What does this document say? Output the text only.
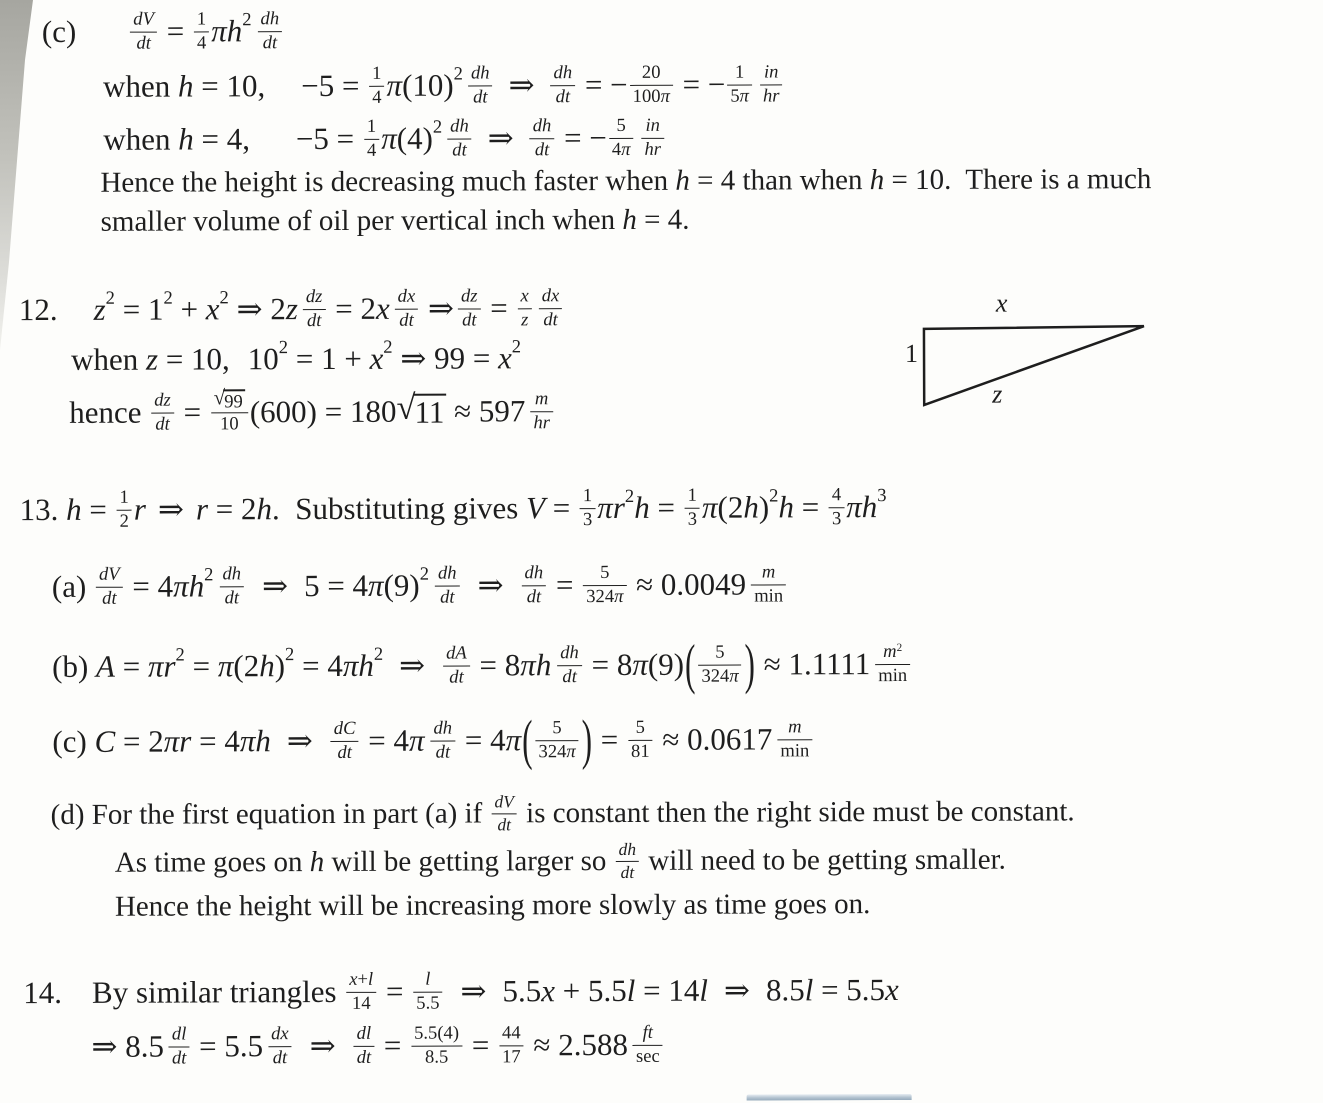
x
1
z
(c)	$\frac{dV}{dt} = \frac{1}{4}$ πh $2 \frac{dh}{dt}$
when h = 10, $-5 = \frac{1}{4}$ π (10) $2 \frac{dh}{dt}$ ⇒ $\frac{dh}{dt}$ = − $\frac{20}{100\pi}$ = − $\frac{1}{5\pi} \frac{in}{hr}$
when h = 4, $-5 = \frac{1}{4}$ π (4) $2 \frac{dh}{dt}$ ⇒ $\frac{dh}{dt}$ = − $\frac{5}{4\pi} \frac{in}{hr}$
Hence the height is decreasing much faster when h = 4 than when h = 10.  There is a much
smaller volume of oil per vertical inch when h = 4.
12. z 2 = 1 2 + x 2 ⇒ 2 z $\frac{dz}{dt} = 2$ x $\frac{dx}{dt}$ ⇒ $\frac{dz}{dt} = \frac{x}{z} \frac{dx}{dt}$
when z = 10, 10 2 = 1 + x 2 ⇒ 99 = x 2
hence $\frac{dz}{dt}$ = √
99
10 (600) = 180 √
$11 \approx 597 \frac{m}{hr}$
13. $h = \frac{1}{2}$ r ⇒ r = 2 h .  Substituting gives $V = \frac{1}{3}$ πr 2 $h = \frac{1}{3}$ π (2 h ) 2 $h = \frac{4}{3}$ πh 3
$(a) \frac{dV}{dt} = 4$ πh $2 \frac{dh}{dt}$ ⇒ 5 = 4 π (9) $2 \frac{dh}{dt}$ ⇒ $\frac{dh}{dt} = \frac{5}{324\pi} \approx 0.0049 \frac{m}{\min}$
(b) A = πr 2 = π (2 h ) 2 = 4 πh 2 ⇒ $\frac{dA}{dt} = 8$ πh $\frac{dh}{dt} = 8$ π (9) ( $\frac{5}{324\pi}$ ) ≈ $1.1111 \frac{m^2}{\min}$
(c) C = 2 πr = 4 πh ⇒ $\frac{dC}{dt} = 4$ π $\frac{dh}{dt} = 4$ π ( $\frac{5}{324\pi}$ ) = $\frac{5}{81} \approx 0.0617 \frac{m}{\min}$
(d) For the first equation in part (a) if $\frac{dV}{dt}$ is constant then the right side must be constant.
As time goes on h will be getting larger so $\frac{dh}{dt}$ will need to be getting smaller.
Hence the height will be increasing more slowly as time goes on.
14. By similar triangles $\frac{x+l}{14} = \frac{l}{5.5}$ ⇒ 5.5 x + 5.5 l = 14 l ⇒ 8.5 l = 5.5 x
⇒ $8.5 \frac{dl}{dt} = 5.5 \frac{dx}{dt}$ ⇒ $\frac{dl}{dt} = \frac{5.5(4)}{8.5} = \frac{44}{17} \approx 2.588 \frac{ft}{\sec}$
